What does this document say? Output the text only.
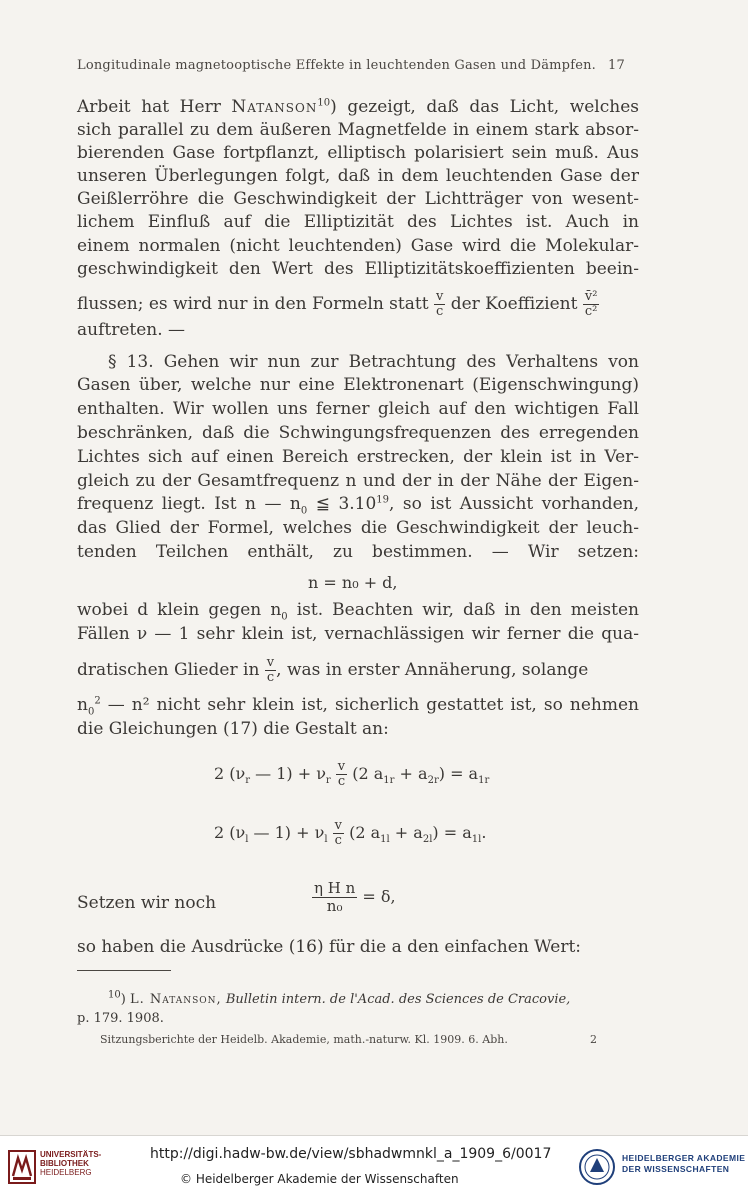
Longitudinale magnetooptische Effekte in leuchtenden Gasen und Dämpfen. 17
Arbeit hat Herr Natanson$^{10}$) gezeigt, daß das Licht, welches
sich parallel zu dem äußeren Magnetfelde in einem stark absor-
bierenden Gase fortpflanzt, elliptisch polarisiert sein muß. Aus
unseren Überlegungen folgt, daß in dem leuchtenden Gase der
Geißlerröhre die Geschwindigkeit der Lichtträger von wesent-
lichem Einfluß auf die Elliptizität des Lichtes ist. Auch in
einem normalen (nicht leuchtenden) Gase wird die Molekular-
geschwindigkeit den Wert des Elliptizitätskoeffizienten beein-
flussen; es wird nur in den Formeln statt $\frac{v}{c}$ der Koeffizient $\frac{\text{v̄²}}{\text{c²}}$
auftreten. —
§ 13. Gehen wir nun zur Betrachtung des Verhaltens von
Gasen über, welche nur eine Elektronenart (Eigenschwingung)
enthalten. Wir wollen uns ferner gleich auf den wichtigen Fall
beschränken, daß die Schwingungsfrequenzen des erregenden
Lichtes sich auf einen Bereich erstrecken, der klein ist in Ver-
gleich zu der Gesamtfrequenz n und der in der Nähe der Eigen-
frequenz liegt. Ist n — $n_0$ ≦ 3.10$^{19}$, so ist Aussicht vorhanden,
das Glied der Formel, welches die Geschwindigkeit der leuch-
tenden Teilchen enthält, zu bestimmen. — Wir setzen:
n = n₀ + d,
wobei d klein gegen $n_0$ ist. Beachten wir, daß in den meisten
Fällen ν — 1 sehr klein ist, vernachlässigen wir ferner die qua-
dratischen Glieder in $\frac{v}{c}$ , was in erster Annäherung, solange
$n_0^2$ — n² nicht sehr klein ist, sicherlich gestattet ist, so nehmen
die Gleichungen (17) die Gestalt an:
2 ($\nu_r$ — $1) + \nu_r \frac{v}{c} (2$ $a_{1r} + a_{2r}) = a_{1r}$
2 ($\nu_l$ — $1) + \nu_l \frac{v}{c} (2$ $a_{1l} + a_{2l}) = a_{1l}$.
Setzen wir noch	$\frac{\text{η H n}}{\text{n₀}} = \delta$,
so haben die Ausdrücke (16) für die a den einfachen Wert:
$^{10}$) L. Natanson, Bulletin intern. de l'Acad. des Sciences de Cracovie,
p. 179. 1908.
Sitzungsberichte der Heidelb. Akademie, math.-naturw. Kl. 1909. 6. Abh.	2
UNIVERSITÄTS-
BIBLIOTHEK
HEIDELBERG
http://digi.hadw-bw.de/view/sbhadwmnkl_a_1909_6/0017
© Heidelberger Akademie der Wissenschaften
HEIDELBERGER AKADEMIE
DER WISSENSCHAFTEN
